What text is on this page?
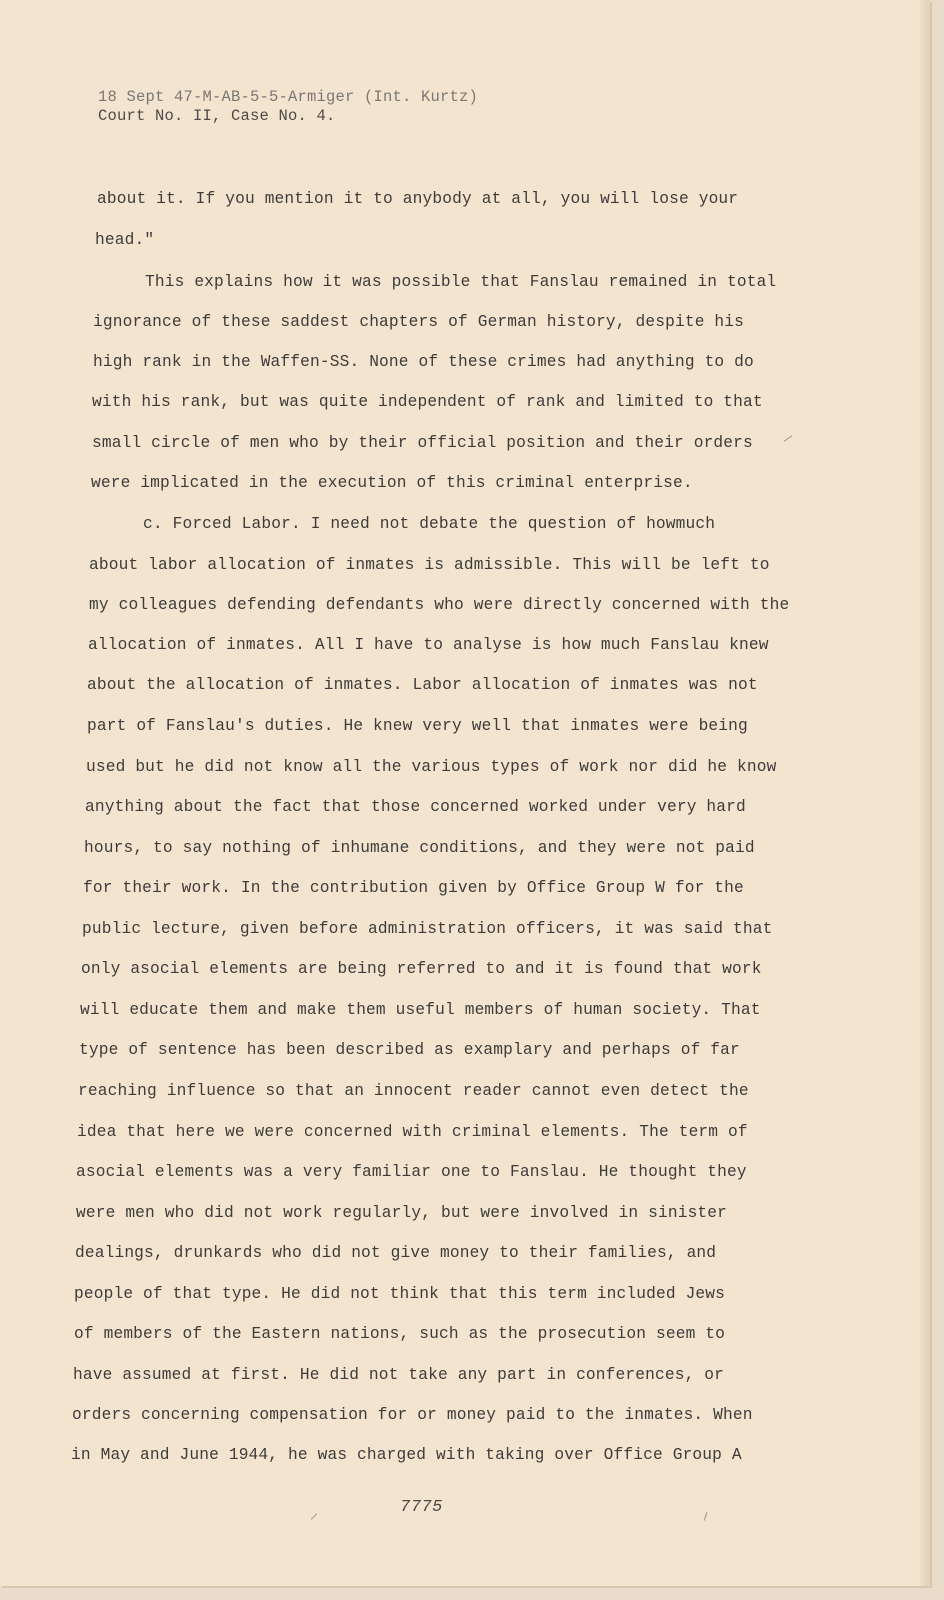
18 Sept 47-M-AB-5-5-Armiger (Int. Kurtz)
Court No. II, Case No. 4.
about it. If you mention it to anybody at all, you will lose your
head."
This explains how it was possible that Fanslau remained in total
ignorance of these saddest chapters of German history, despite his
high rank in the Waffen-SS. None of these crimes had anything to do
with his rank, but was quite independent of rank and limited to that
small circle of men who by their official position and their orders
were implicated in the execution of this criminal enterprise.
c. Forced Labor. I need not debate the question of howmuch
about labor allocation of inmates is admissible. This will be left to
my colleagues defending defendants who were directly concerned with the
allocation of inmates. All I have to analyse is how much Fanslau knew
about the allocation of inmates. Labor allocation of inmates was not
part of Fanslau's duties. He knew very well that inmates were being
used but he did not know all the various types of work nor did he know
anything about the fact that those concerned worked under very hard
hours, to say nothing of inhumane conditions, and they were not paid
for their work. In the contribution given by Office Group W for the
public lecture, given before administration officers, it was said that
only asocial elements are being referred to and it is found that work
will educate them and make them useful members of human society. That
type of sentence has been described as examplary and perhaps of far
reaching influence so that an innocent reader cannot even detect the
idea that here we were concerned with criminal elements. The term of
asocial elements was a very familiar one to Fanslau. He thought they
were men who did not work regularly, but were involved in sinister
dealings, drunkards who did not give money to their families, and
people of that type. He did not think that this term included Jews
of members of the Eastern nations, such as the prosecution seem to
have assumed at first. He did not take any part in conferences, or
orders concerning compensation for or money paid to the inmates. When
in May and June 1944, he was charged with taking over Office Group A
7775
